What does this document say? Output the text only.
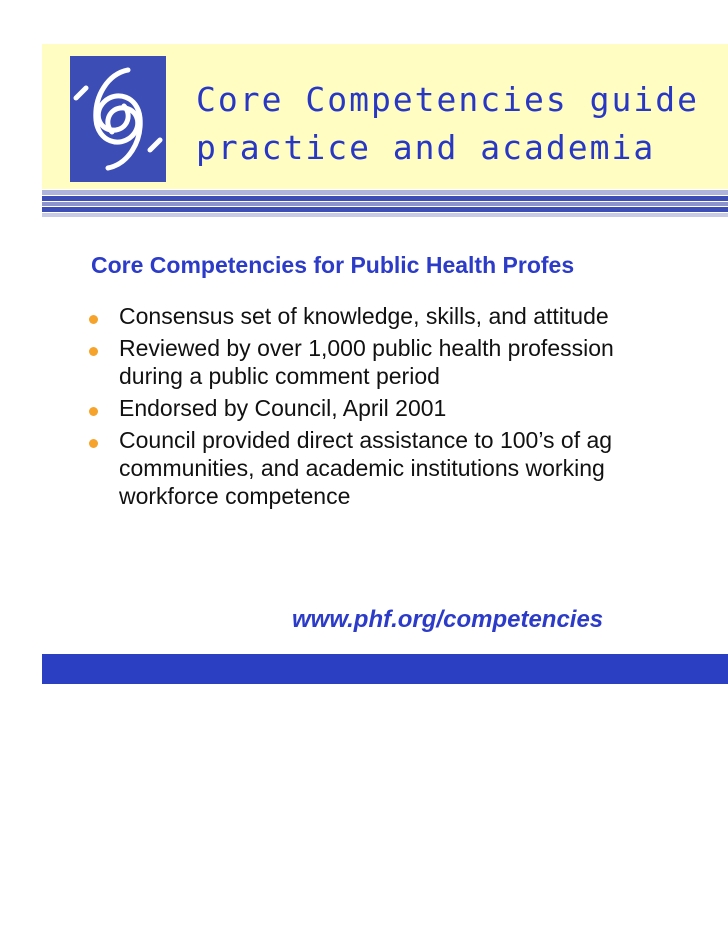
Core Competencies guide
practice and academia
Core Competencies for Public Health Profes
Consensus set of knowledge, skills, and attitude
Reviewed by over 1,000 public health profession
during a public comment period
Endorsed by Council, April 2001
Council provided direct assistance to 100’s of ag
communities, and academic institutions working
workforce competence
www.phf.org/competencies
